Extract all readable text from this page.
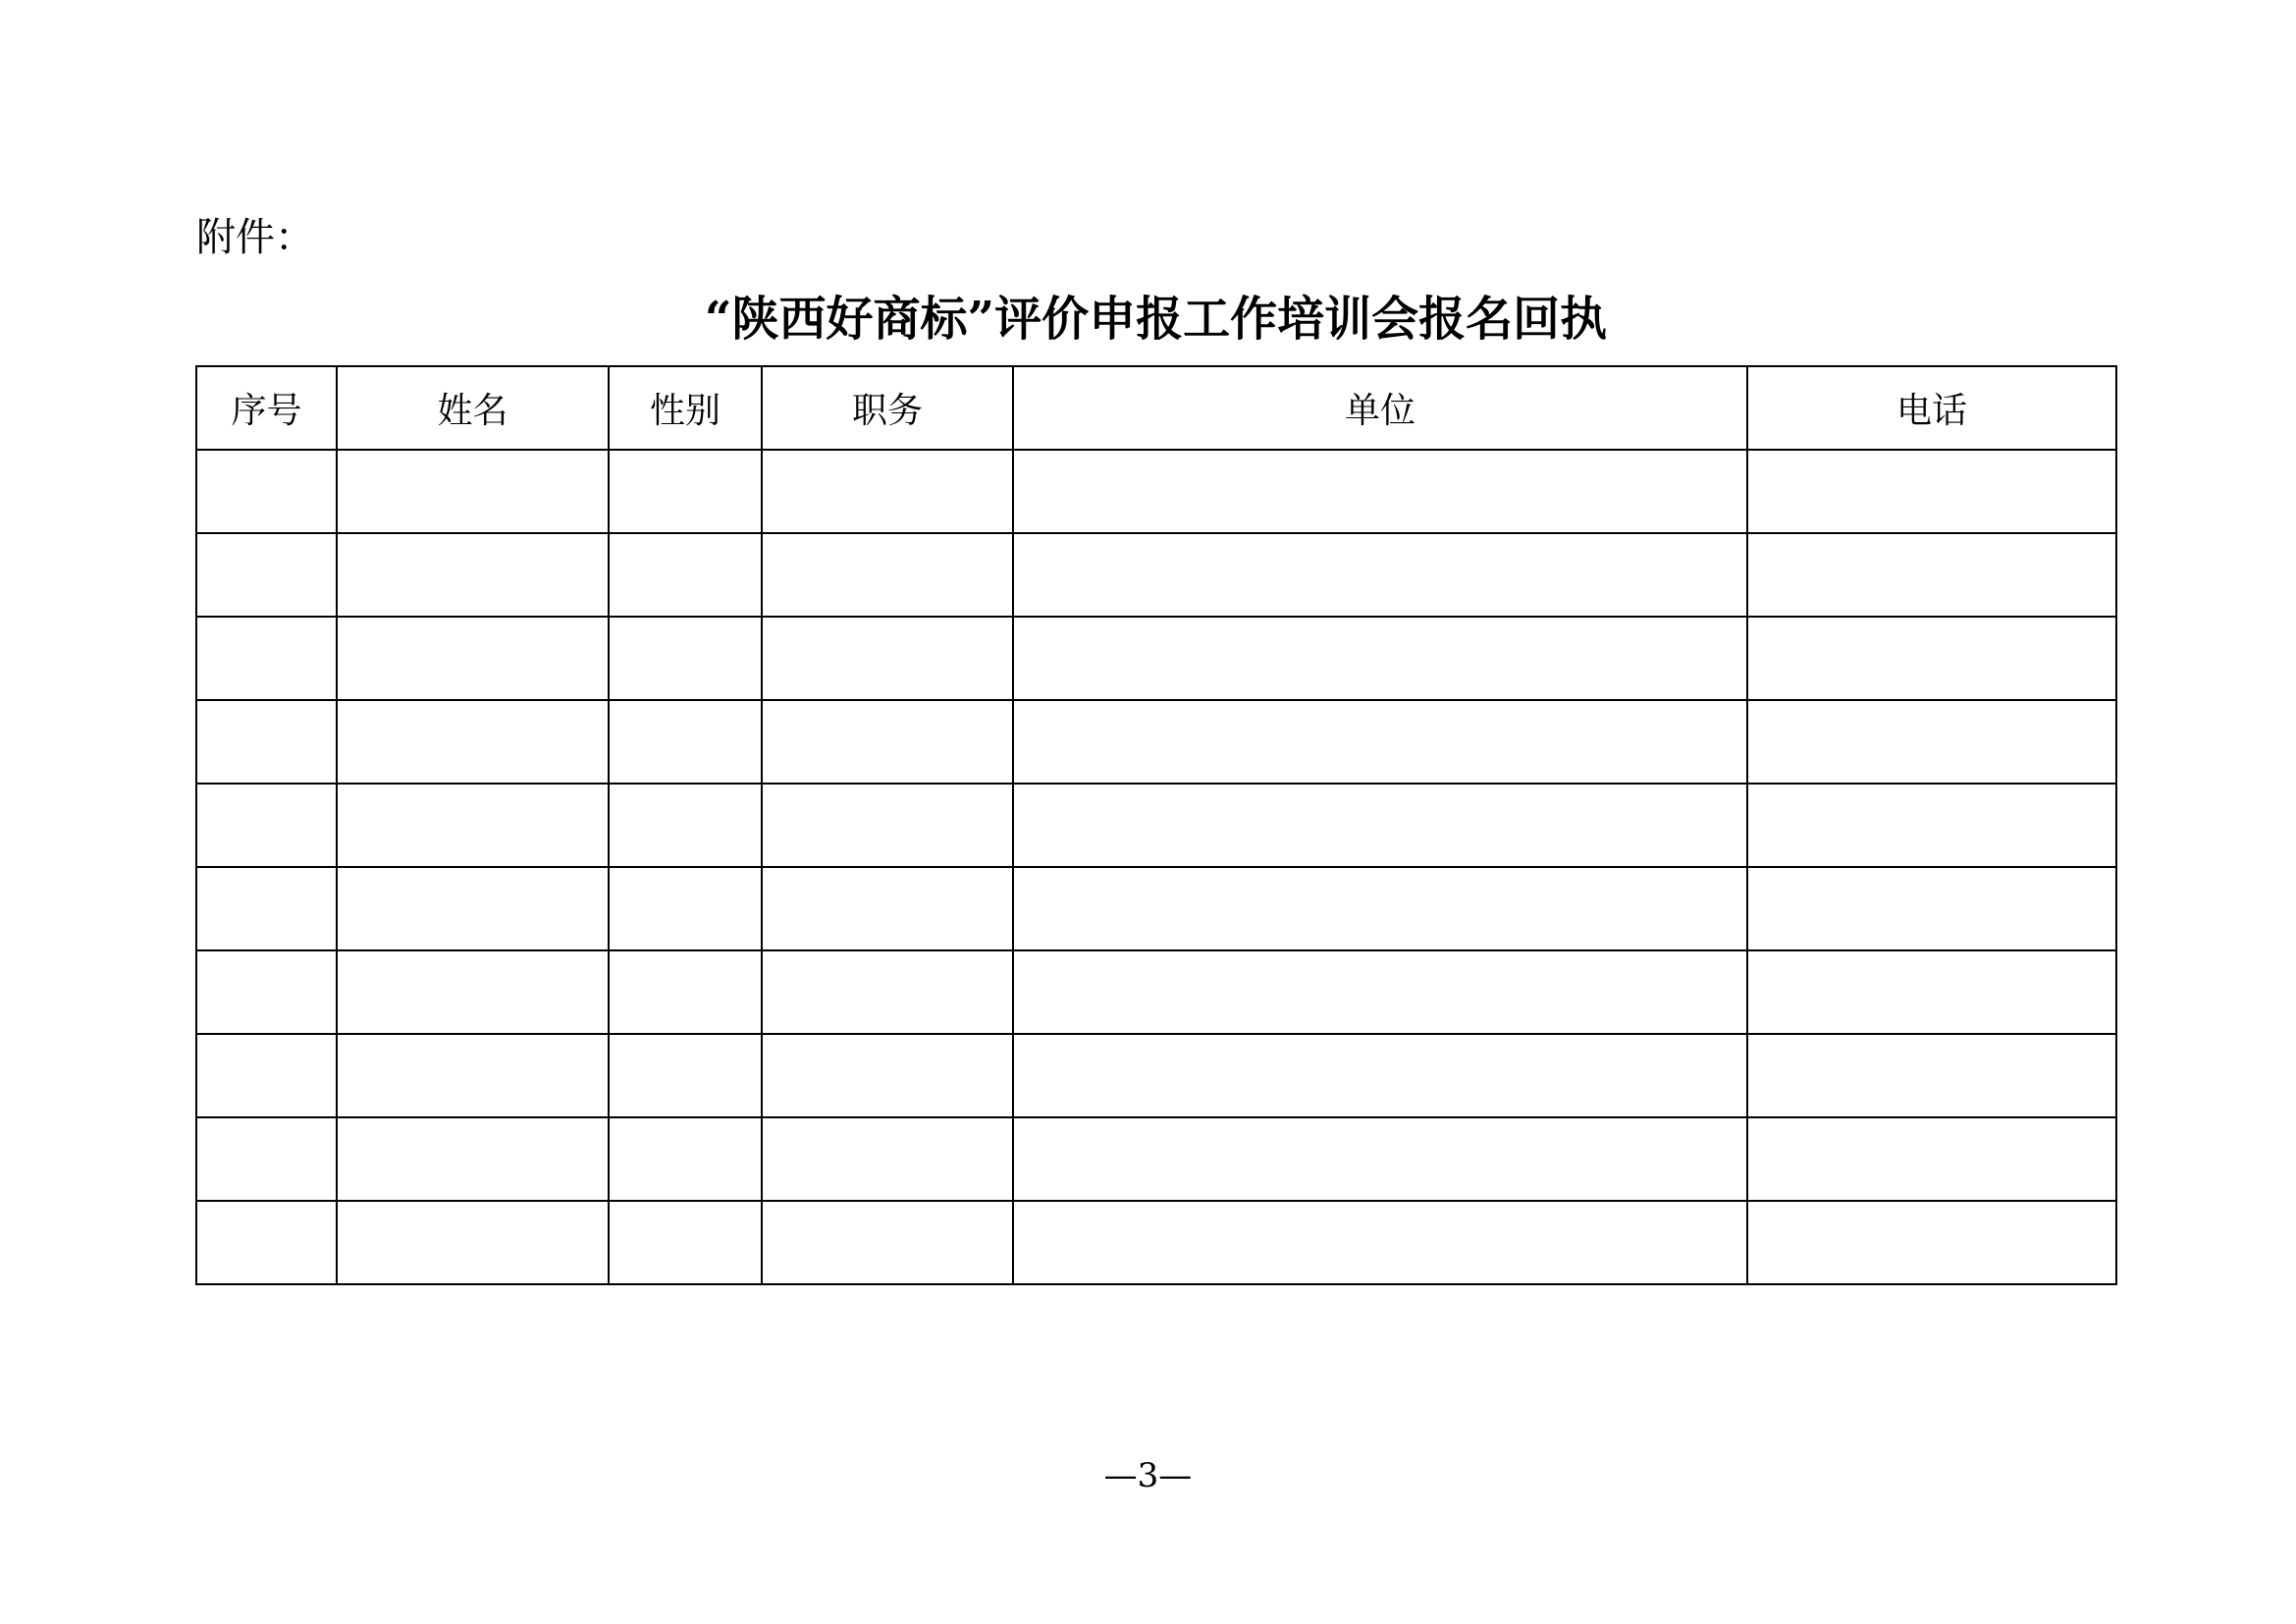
附件：
“陕西好商标”评价申报工作培训会报名回执
序号	姓名	性别	职务	单位	电话

—3—
